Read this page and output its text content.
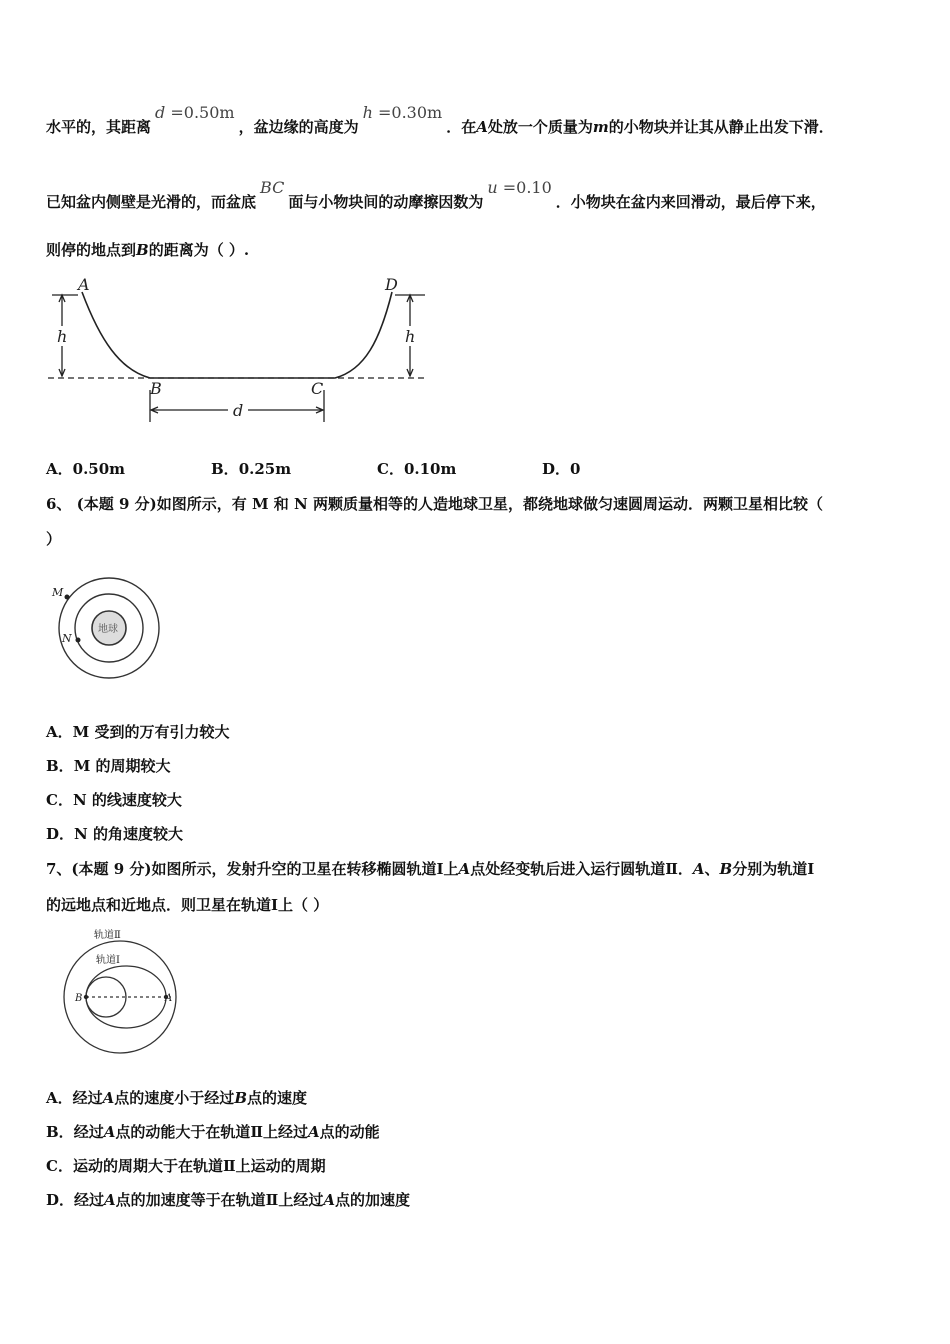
水平的，其距离d =0.50m，盆边缘的高度为h =0.30m．在A处放一个质量为m的小物块并让其从静止出发下滑．
已知盆内侧壁是光滑的，而盆底BC面与小物块间的动摩擦因数为u =0.10．小物块在盆内来回滑动，最后停下来，
则停的地点到B的距离为（ ）.
A	D
B	C
h	h
d
A．0.50m	B．0.25m	C．0.10m	D．0
6、 (本题 9 分)如图所示，有 M 和 N 两颗质量相等的人造地球卫星，都绕地球做匀速圆周运动．两颗卫星相比较（
）
M
N
地球
A．M 受到的万有引力较大
B．M 的周期较大
C．N 的线速度较大
D．N 的角速度较大
7、(本题 9 分)如图所示，发射升空的卫星在转移椭圆轨道Ⅰ上A点处经变轨后进入运行圆轨道Ⅱ．A、B分别为轨道Ⅰ
的远地点和近地点．则卫星在轨道Ⅰ上（ ）
轨道Ⅱ
轨道Ⅰ
B	A
A．经过A点的速度小于经过B点的速度
B．经过A点的动能大于在轨道Ⅱ上经过A点的动能
C．运动的周期大于在轨道Ⅱ上运动的周期
D．经过A点的加速度等于在轨道Ⅱ上经过A点的加速度
